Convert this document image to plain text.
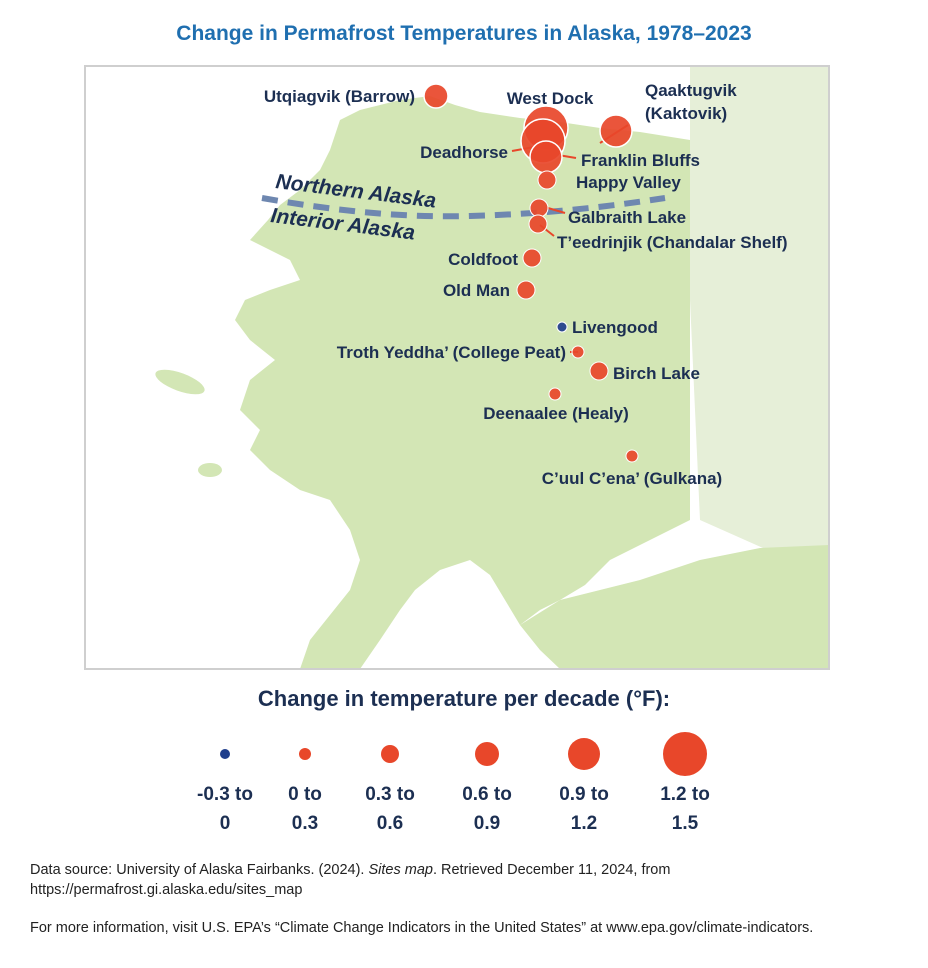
Change in Permafrost Temperatures in Alaska, 1978–2023
Northern Alaska
Interior Alaska
Utqiagvik (Barrow)	West Dock	Qaaktugvik
(Kaktovik)
Deadhorse	Franklin Bluffs
Happy Valley
Galbraith Lake
T’eedrinjik (Chandalar Shelf)
Coldfoot
Old Man
Livengood
Troth Yeddha’ (College Peat)
Birch Lake
Deenaalee (Healy)
C’uul C’ena’ (Gulkana)
-0.3 to
0
0 to
0.3
0.3 to
0.6
0.6 to
0.9
0.9 to
1.2
1.2 to
1.5
Change in temperature per decade (°F):
Data source: University of Alaska Fairbanks. (2024). Sites map. Retrieved December 11, 2024, from
https://permafrost.gi.alaska.edu/sites_map
For more information, visit U.S. EPA’s “Climate Change Indicators in the United States” at www.epa.gov/climate-indicators.
